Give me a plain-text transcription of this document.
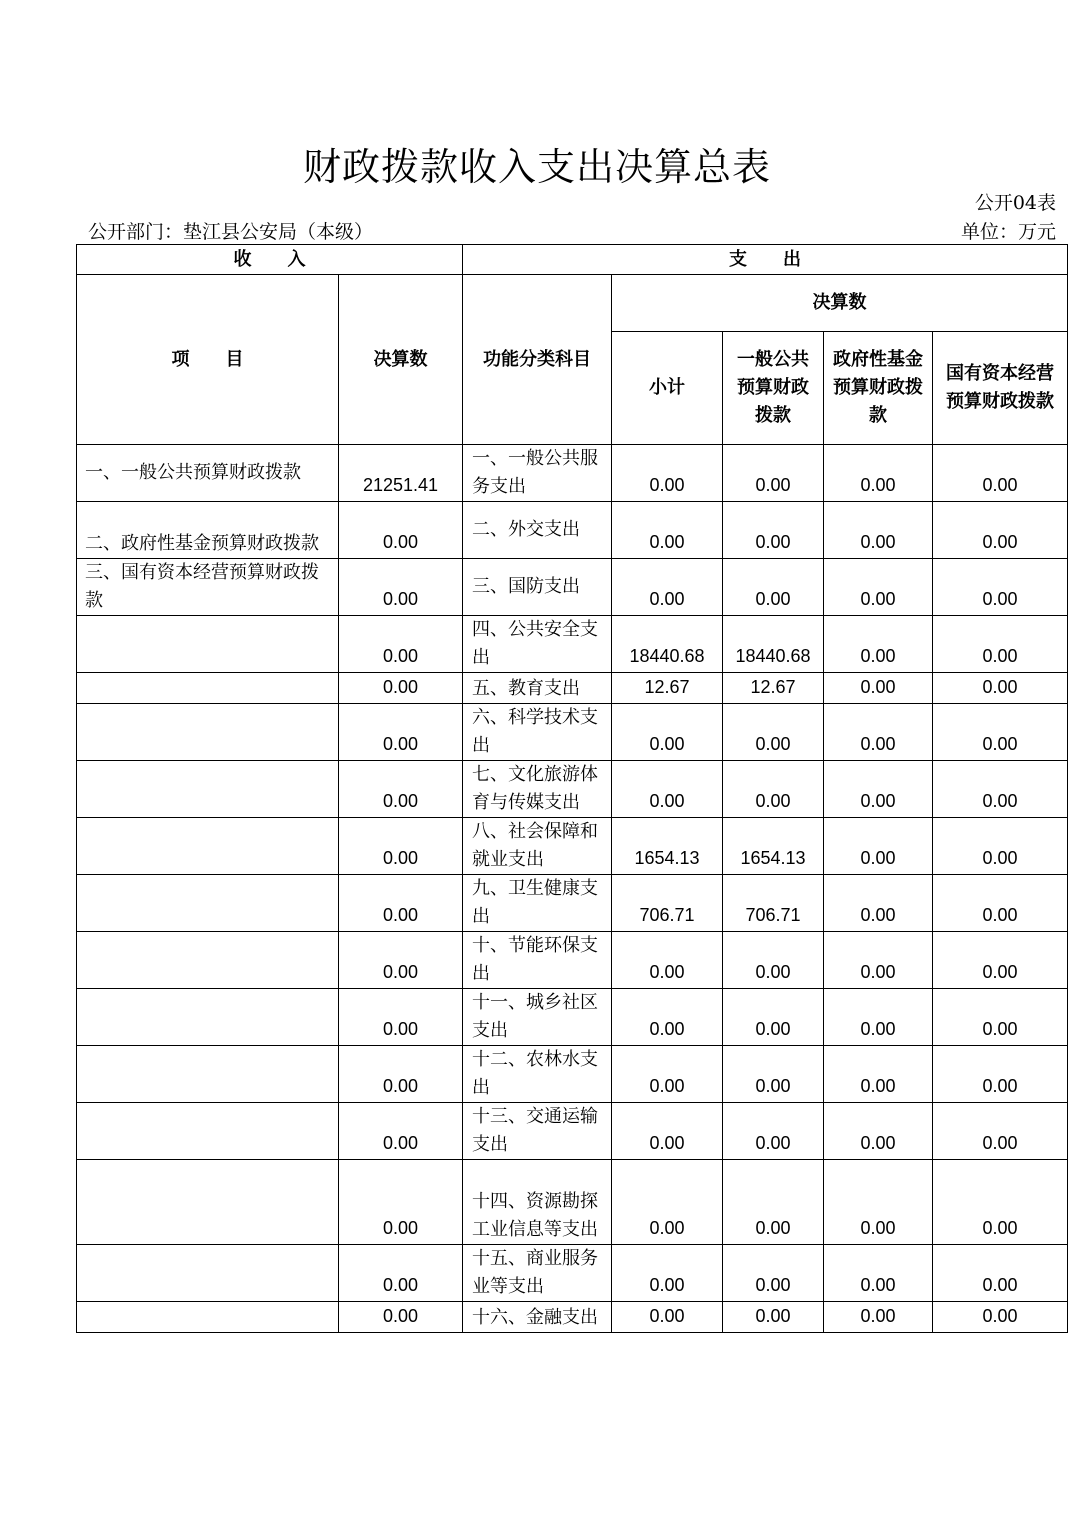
财政拨款收入支出决算总表
公开04表
公开部门：垫江县公安局（本级）	单位：万元
收　　入		支　　出				
项　　目	决算数	功能分类科目	决算数			
			小计	一般公共预算财政拨款	政府性基金预算财政拨款	国有资本经营预算财政拨款
一、一般公共预算财政拨款	21251.41	一、一般公共服务支出	0.00	0.00	0.00	0.00
二、政府性基金预算财政拨款	0.00	二、外交支出	0.00	0.00	0.00	0.00
三、国有资本经营预算财政拨款	0.00	三、国防支出	0.00	0.00	0.00	0.00
	0.00	四、公共安全支出	18440.68	18440.68	0.00	0.00
	0.00	五、教育支出	12.67	12.67	0.00	0.00
	0.00	六、科学技术支出	0.00	0.00	0.00	0.00
	0.00	七、文化旅游体育与传媒支出	0.00	0.00	0.00	0.00
	0.00	八、社会保障和就业支出	1654.13	1654.13	0.00	0.00
	0.00	九、卫生健康支出	706.71	706.71	0.00	0.00
	0.00	十、节能环保支出	0.00	0.00	0.00	0.00
	0.00	十一、城乡社区支出	0.00	0.00	0.00	0.00
	0.00	十二、农林水支出	0.00	0.00	0.00	0.00
	0.00	十三、交通运输支出	0.00	0.00	0.00	0.00
	0.00	十四、资源勘探工业信息等支出	0.00	0.00	0.00	0.00
	0.00	十五、商业服务业等支出	0.00	0.00	0.00	0.00
	0.00	十六、金融支出	0.00	0.00	0.00	0.00
